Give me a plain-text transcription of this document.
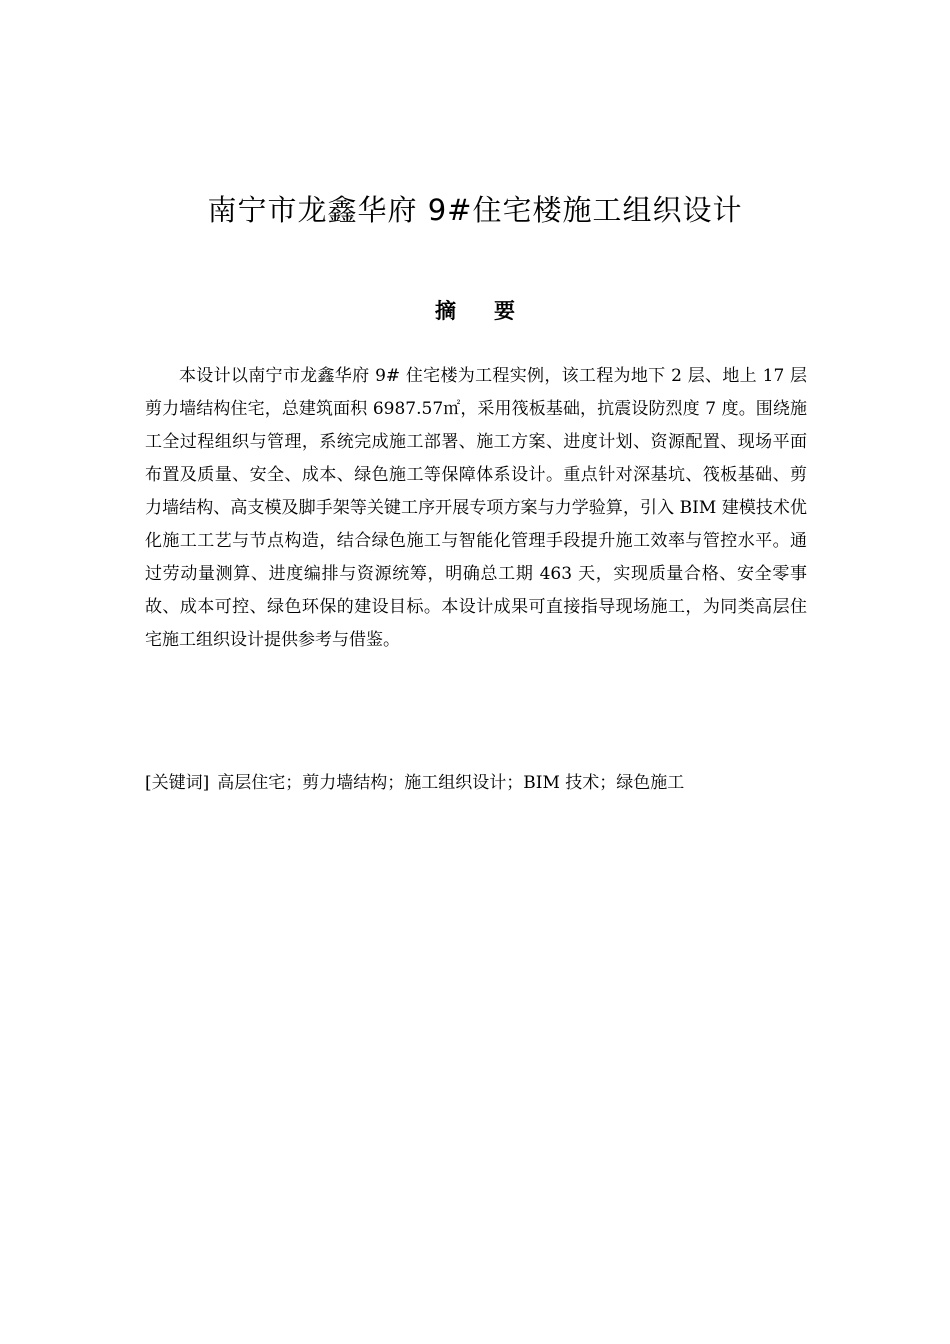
南宁市龙鑫华府 9#住宅楼施工组织设计
摘 要

本设计以南宁市龙鑫华府 9# 住宅楼为工程实例，该工程为地下 2 层、地上 17 层剪力墙结构住宅，总建筑面积 6987.57㎡，采用筏板基础，抗震设防烈度 7 度。围绕施工全过程组织与管理，系统完成施工部署、施工方案、进度计划、资源配置、现场平面布置及质量、安全、成本、绿色施工等保障体系设计。重点针对深基坑、筏板基础、剪力墙结构、高支模及脚手架等关键工序开展专项方案与力学验算，引入 BIM 建模技术优化施工工艺与节点构造，结合绿色施工与智能化管理手段提升施工效率与管控水平。通过劳动量测算、进度编排与资源统筹，明确总工期 463 天，实现质量合格、安全零事故、成本可控、绿色环保的建设目标。本设计成果可直接指导现场施工，为同类高层住宅施工组织设计提供参考与借鉴。

[关键词] 高层住宅；剪力墙结构；施工组织设计；BIM 技术；绿色施工
